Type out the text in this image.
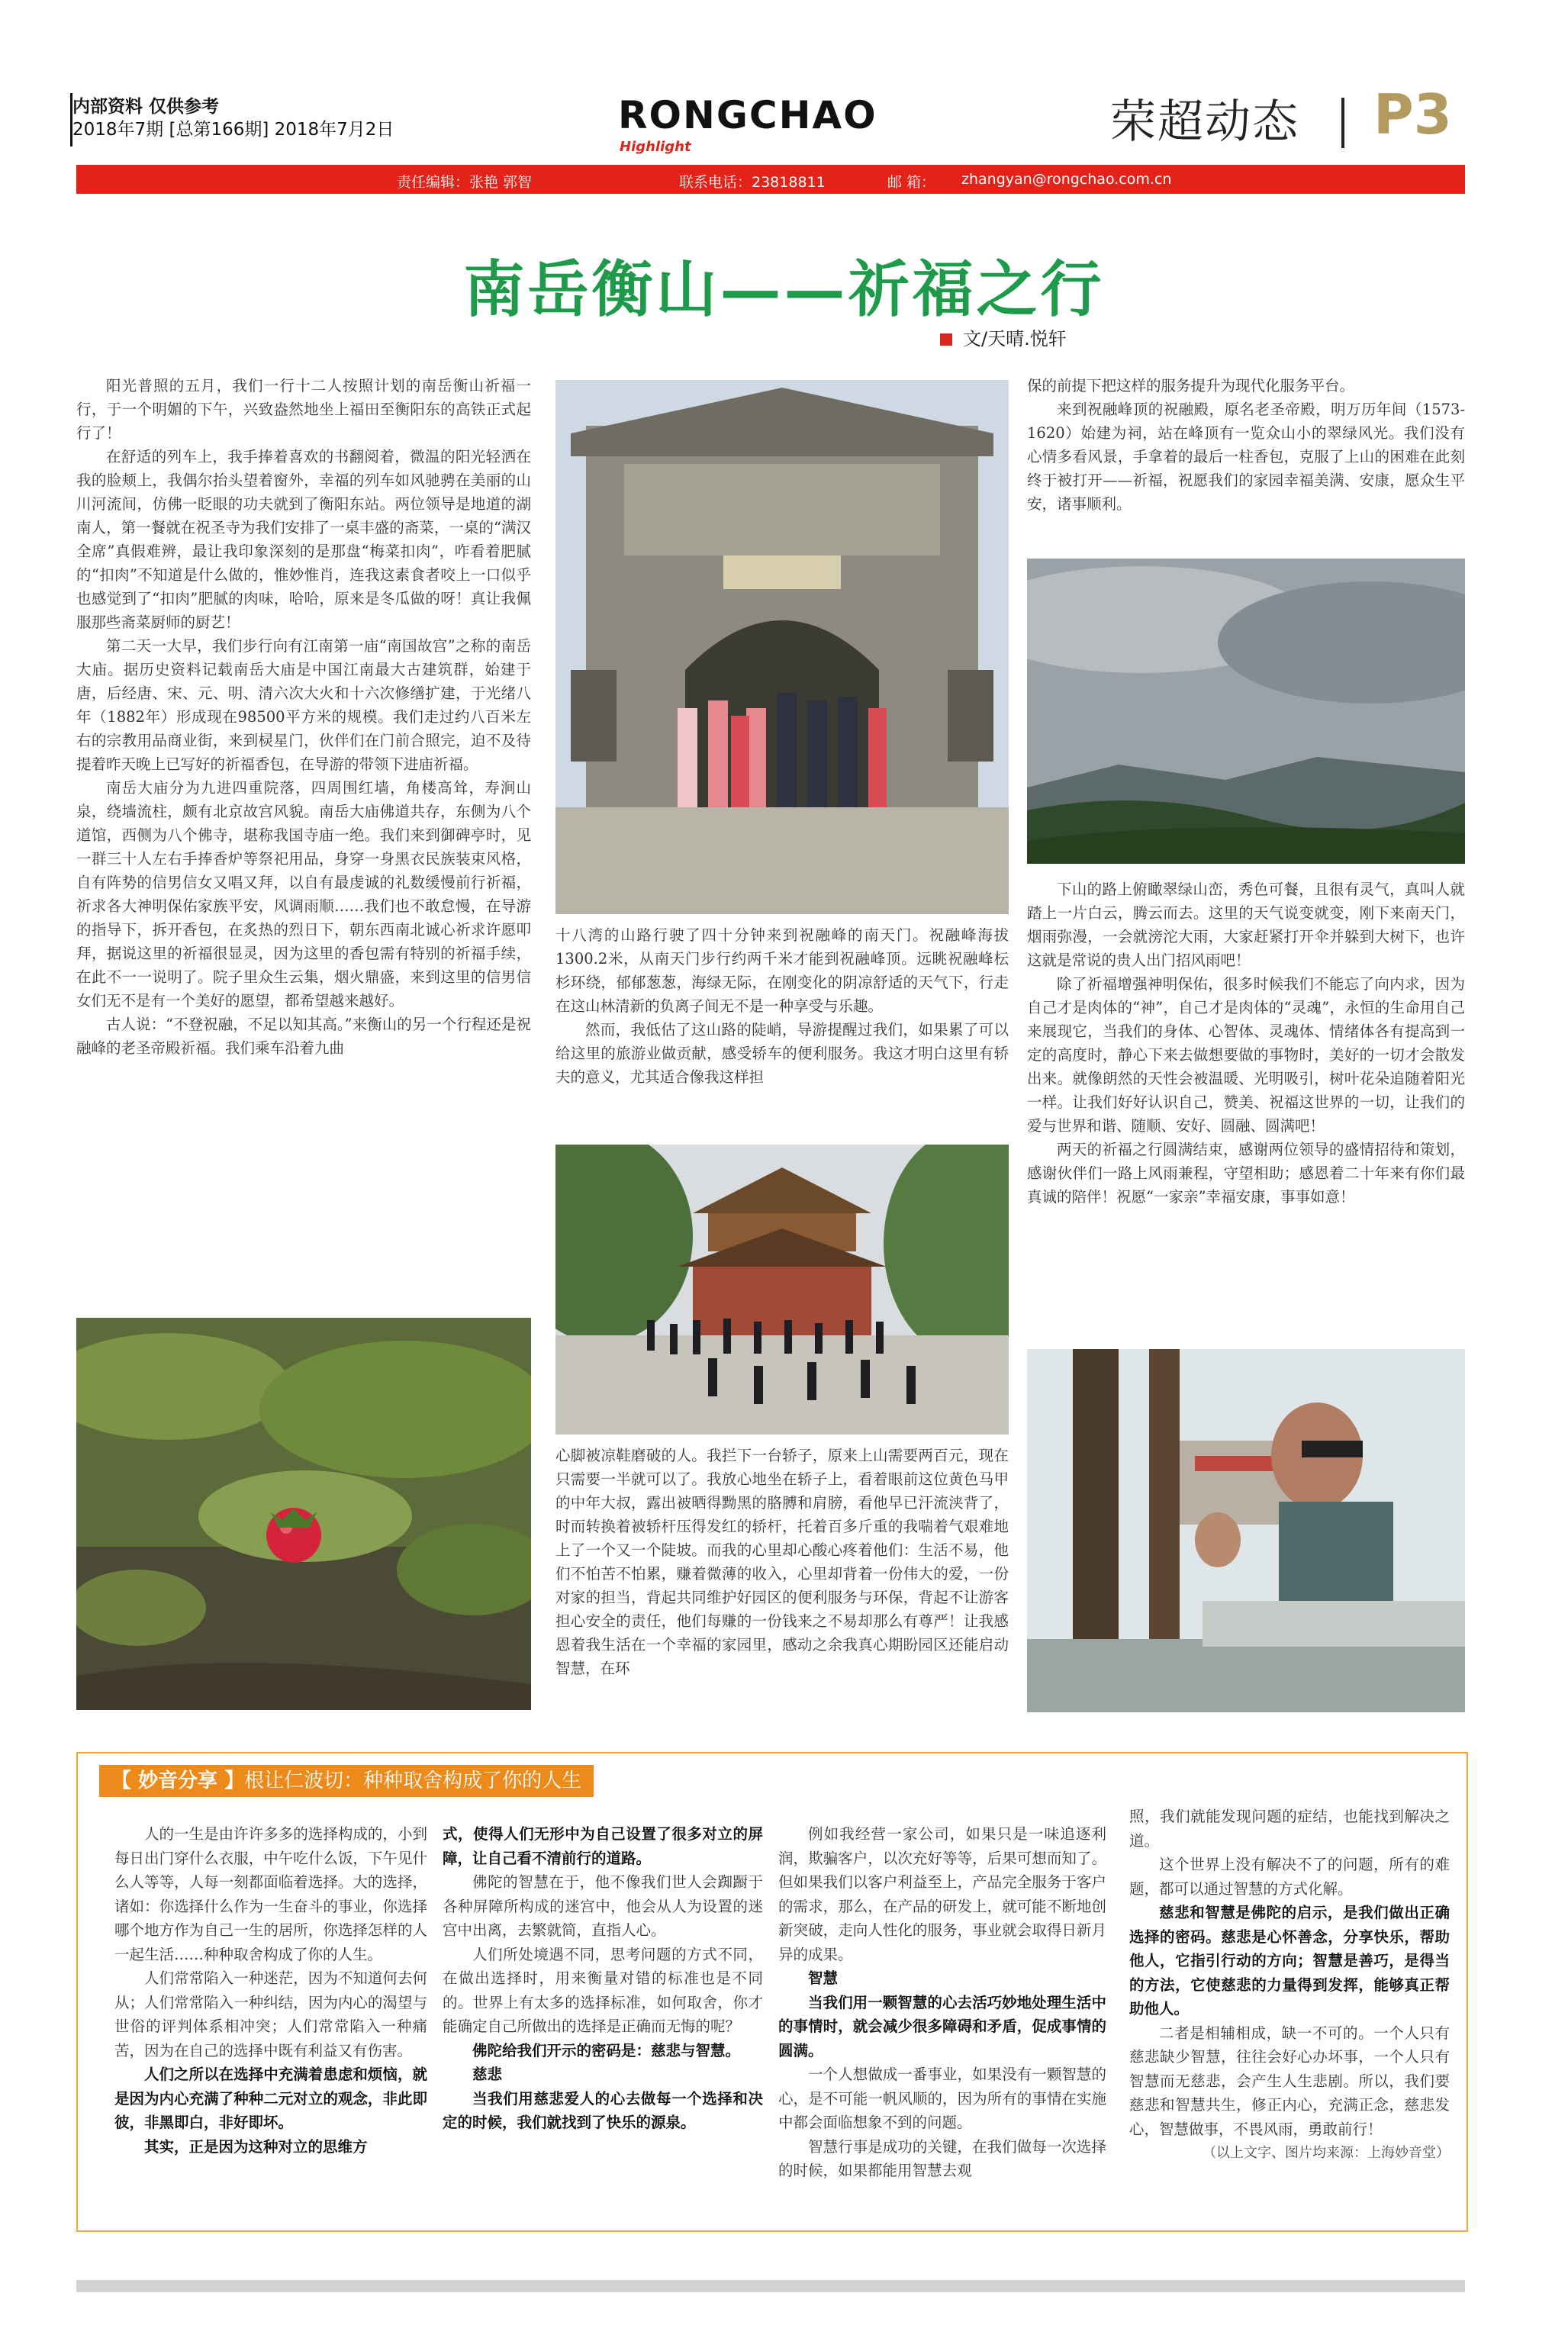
内部资料 仅供参考
2018年7期 [总第166期] 2018年7月2日	RONGCHAO
Highlight	荣超动态 P3
责任编辑：张艳 郭智	联系电话：23818811	邮 箱： zhangyan@rongchao.com.cn
南岳衡山——祈福之行
文/天晴.悦轩

阳光普照的五月，我们一行十二人按照计划的南岳衡山祈福一行，于一个明媚的下午，兴致盎然地坐上福田至衡阳东的高铁正式起行了！

在舒适的列车上，我手捧着喜欢的书翻阅着，微温的阳光轻洒在我的脸颊上，我偶尔抬头望着窗外，幸福的列车如风驰骋在美丽的山川河流间，仿佛一眨眼的功夫就到了衡阳东站。两位领导是地道的湖南人，第一餐就在祝圣寺为我们安排了一桌丰盛的斋菜，一桌的“满汉全席”真假难辨，最让我印象深刻的是那盘“梅菜扣肉”，咋看着肥腻的“扣肉”不知道是什么做的，惟妙惟肖，连我这素食者咬上一口似乎也感觉到了“扣肉”肥腻的肉味，哈哈，原来是冬瓜做的呀！真让我佩服那些斋菜厨师的厨艺！

第二天一大早，我们步行向有江南第一庙“南国故宫”之称的南岳大庙。据历史资料记载南岳大庙是中国江南最大古建筑群，始建于唐，后经唐、宋、元、明、清六次大火和十六次修缮扩建，于光绪八年（1882年）形成现在98500平方米的规模。我们走过约八百米左右的宗教用品商业街，来到棂星门，伙伴们在门前合照完，迫不及待提着昨天晚上已写好的祈福香包，在导游的带领下进庙祈福。

南岳大庙分为九进四重院落，四周围红墙，角楼高耸，寿涧山泉，绕墙流柱，颇有北京故宫风貌。南岳大庙佛道共存，东侧为八个道馆，西侧为八个佛寺，堪称我国寺庙一绝。我们来到御碑亭时，见一群三十人左右手捧香炉等祭祀用品，身穿一身黑衣民族装束风格，自有阵势的信男信女又唱又拜，以自有最虔诚的礼数缓慢前行祈福，祈求各大神明保佑家族平安，风调雨顺……我们也不敢怠慢，在导游的指导下，拆开香包，在炙热的烈日下，朝东西南北诚心祈求许愿叩拜，据说这里的祈福很显灵，因为这里的香包需有特别的祈福手续，在此不一一说明了。院子里众生云集，烟火鼎盛，来到这里的信男信女们无不是有一个美好的愿望，都希望越来越好。

古人说：“不登祝融，不足以知其高。”来衡山的另一个行程还是祝融峰的老圣帝殿祈福。我们乘车沿着九曲

十八湾的山路行驶了四十分钟来到祝融峰的南天门。祝融峰海拔1300.2米，从南天门步行约两千米才能到祝融峰顶。远眺祝融峰枟杉环绕，郁郁葱葱，海绿无际，在刚变化的阴凉舒适的天气下，行走在这山林清新的负离子间无不是一种享受与乐趣。

然而，我低估了这山路的陡峭，导游提醒过我们，如果累了可以给这里的旅游业做贡献，感受轿车的便利服务。我这才明白这里有轿夫的意义，尤其适合像我这样担

心脚被凉鞋磨破的人。我拦下一台轿子，原来上山需要两百元，现在只需要一半就可以了。我放心地坐在轿子上，看着眼前这位黄色马甲的中年大叔，露出被晒得黝黑的胳膊和肩膀，看他早已汗流浃背了，时而转换着被轿杆压得发红的轿杆，托着百多斤重的我喘着气艰难地上了一个又一个陡坡。而我的心里却心酸心疼着他们：生活不易，他们不怕苦不怕累，赚着微薄的收入，心里却背着一份伟大的爱，一份对家的担当，背起共同维护好园区的便利服务与环保，背起不让游客担心安全的责任，他们每赚的一份钱来之不易却那么有尊严！让我感恩着我生活在一个幸福的家园里，感动之余我真心期盼园区还能启动智慧，在环

保的前提下把这样的服务提升为现代化服务平台。

来到祝融峰顶的祝融殿，原名老圣帝殿，明万历年间（1573-1620）始建为祠，站在峰顶有一览众山小的翠绿风光。我们没有心情多看风景，手拿着的最后一柱香包，克服了上山的困难在此刻终于被打开——祈福，祝愿我们的家园幸福美满、安康，愿众生平安，诸事顺利。

下山的路上俯瞰翠绿山峦，秀色可餐，且很有灵气，真叫人就踏上一片白云，腾云而去。这里的天气说变就变，刚下来南天门，烟雨弥漫，一会就滂沱大雨，大家赶紧打开伞并躲到大树下，也许这就是常说的贵人出门招风雨吧！

除了祈福增强神明保佑，很多时候我们不能忘了向内求，因为自己才是肉体的“神”，自己才是肉体的“灵魂”，永恒的生命用自己来展现它，当我们的身体、心智体、灵魂体、情绪体各有提高到一定的高度时，静心下来去做想要做的事物时，美好的一切才会散发出来。就像朗然的天性会被温暖、光明吸引，树叶花朵追随着阳光一样。让我们好好认识自己，赞美、祝福这世界的一切，让我们的爱与世界和谐、随顺、安好、圆融、圆满吧！

两天的祈福之行圆满结束，感谢两位领导的盛情招待和策划，感谢伙伴们一路上风雨兼程，守望相助；感恩着二十年来有你们最真诚的陪伴！祝愿“一家亲”幸福安康，事事如意！

【 妙音分享 】根让仁波切：种种取舍构成了你的人生

人的一生是由许许多多的选择构成的，小到每日出门穿什么衣服，中午吃什么饭，下午见什么人等等，人每一刻都面临着选择。大的选择，诸如：你选择什么作为一生奋斗的事业，你选择哪个地方作为自己一生的居所，你选择怎样的人一起生活……种种取舍构成了你的人生。

人们常常陷入一种迷茫，因为不知道何去何从；人们常常陷入一种纠结，因为内心的渴望与世俗的评判体系相冲突；人们常常陷入一种痛苦，因为在自己的选择中既有利益又有伤害。

人们之所以在选择中充满着患虑和烦恼，就是因为内心充满了种种二元对立的观念，非此即彼，非黑即白，非好即坏。

其实，正是因为这种对立的思维方

式，使得人们无形中为自己设置了很多对立的屏障，让自己看不清前行的道路。

佛陀的智慧在于，他不像我们世人会踟蹰于各种屏障所构成的迷宫中，他会从人为设置的迷宫中出离，去繁就简，直指人心。

人们所处境遇不同，思考问题的方式不同，在做出选择时，用来衡量对错的标准也是不同的。世界上有太多的选择标准，如何取舍，你才能确定自己所做出的选择是正确而无悔的呢？

佛陀给我们开示的密码是：慈悲与智慧。

慈悲

当我们用慈悲爱人的心去做每一个选择和决定的时候，我们就找到了快乐的源泉。

例如我经营一家公司，如果只是一味追逐利润，欺骗客户，以次充好等等，后果可想而知了。但如果我们以客户利益至上，产品完全服务于客户的需求，那么，在产品的研发上，就可能不断地创新突破，走向人性化的服务，事业就会取得日新月异的成果。

智慧

当我们用一颗智慧的心去活巧妙地处理生活中的事情时，就会减少很多障碍和矛盾，促成事情的圆满。

一个人想做成一番事业，如果没有一颗智慧的心，是不可能一帆风顺的，因为所有的事情在实施中都会面临想象不到的问题。

智慧行事是成功的关键，在我们做每一次选择的时候，如果都能用智慧去观

照，我们就能发现问题的症结，也能找到解决之道。

这个世界上没有解决不了的问题，所有的难题，都可以通过智慧的方式化解。

慈悲和智慧是佛陀的启示，是我们做出正确选择的密码。慈悲是心怀善念，分享快乐，帮助他人，它指引行动的方向；智慧是善巧，是得当的方法，它使慈悲的力量得到发挥，能够真正帮助他人。

二者是相辅相成，缺一不可的。一个人只有慈悲缺少智慧，往往会好心办坏事，一个人只有智慧而无慈悲，会产生人生悲剧。所以，我们要慈悲和智慧共生，修正内心，充满正念，慈悲发心，智慧做事，不畏风雨，勇敢前行！

（以上文字、图片均来源：上海妙音堂）
